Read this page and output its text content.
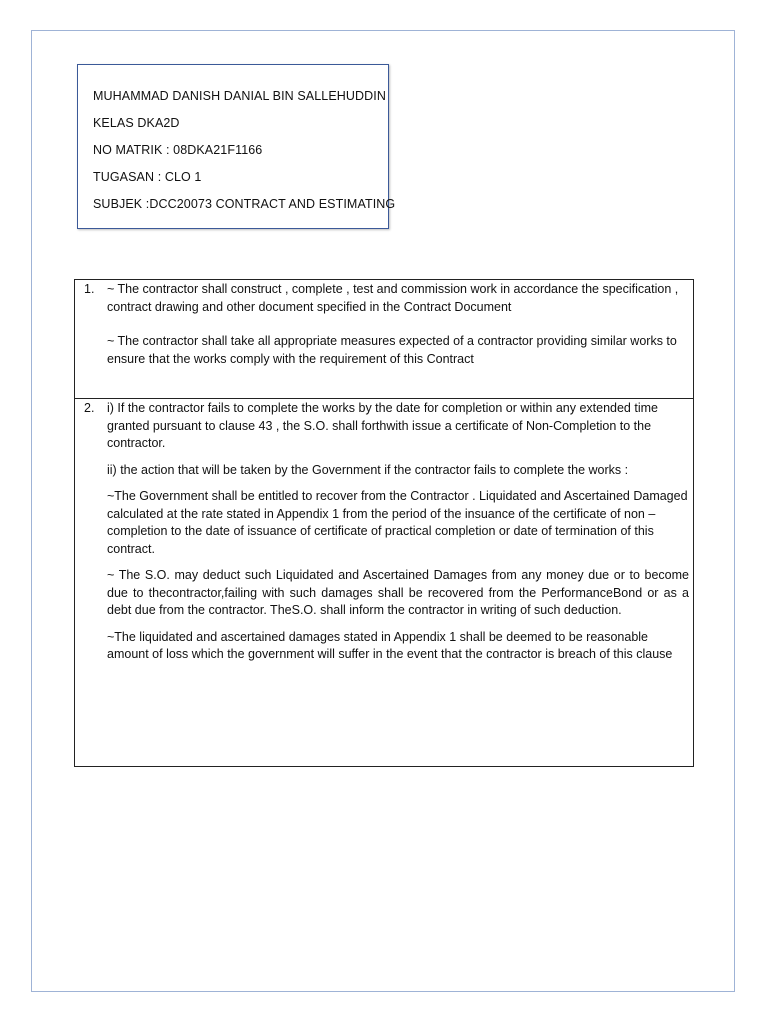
MUHAMMAD DANISH DANIAL BIN SALLEHUDDIN
KELAS DKA2D
NO MATRIK : 08DKA21F1166
TUGASAN : CLO 1
SUBJEK :DCC20073 CONTRACT AND ESTIMATING
1.	~ The contractor shall construct , complete , test and commission work in accordance the specification , contract drawing and other document specified in the Contract Document

~ The contractor shall take all appropriate measures expected of a contractor providing similar works to ensure that the works comply with the requirement of this Contract

2.	i) If the contractor fails to complete the works by the date for completion or within any extended time granted pursuant to clause 43 , the S.O. shall forthwith issue a certificate of Non-Completion to the contractor.

ii) the action that will be taken by the Government if the contractor fails to complete the works :

~The Government shall be entitled to recover from the Contractor . Liquidated and Ascertained Damaged calculated at the rate stated in Appendix 1 from the period of the insuance of the certificate of non – completion to the date of issuance of certificate of practical completion or date of termination of this contract.

~ The S.O. may deduct such Liquidated and Ascertained Damages from any money due or to become due to thecontractor,failing with such damages shall be recovered from the PerformanceBond or as a debt due from the contractor. TheS.O. shall inform the contractor in writing of such deduction.

~The liquidated and ascertained damages stated in Appendix 1 shall be deemed to be reasonable amount of loss which the government will suffer in the event that the contractor is breach of this clause
